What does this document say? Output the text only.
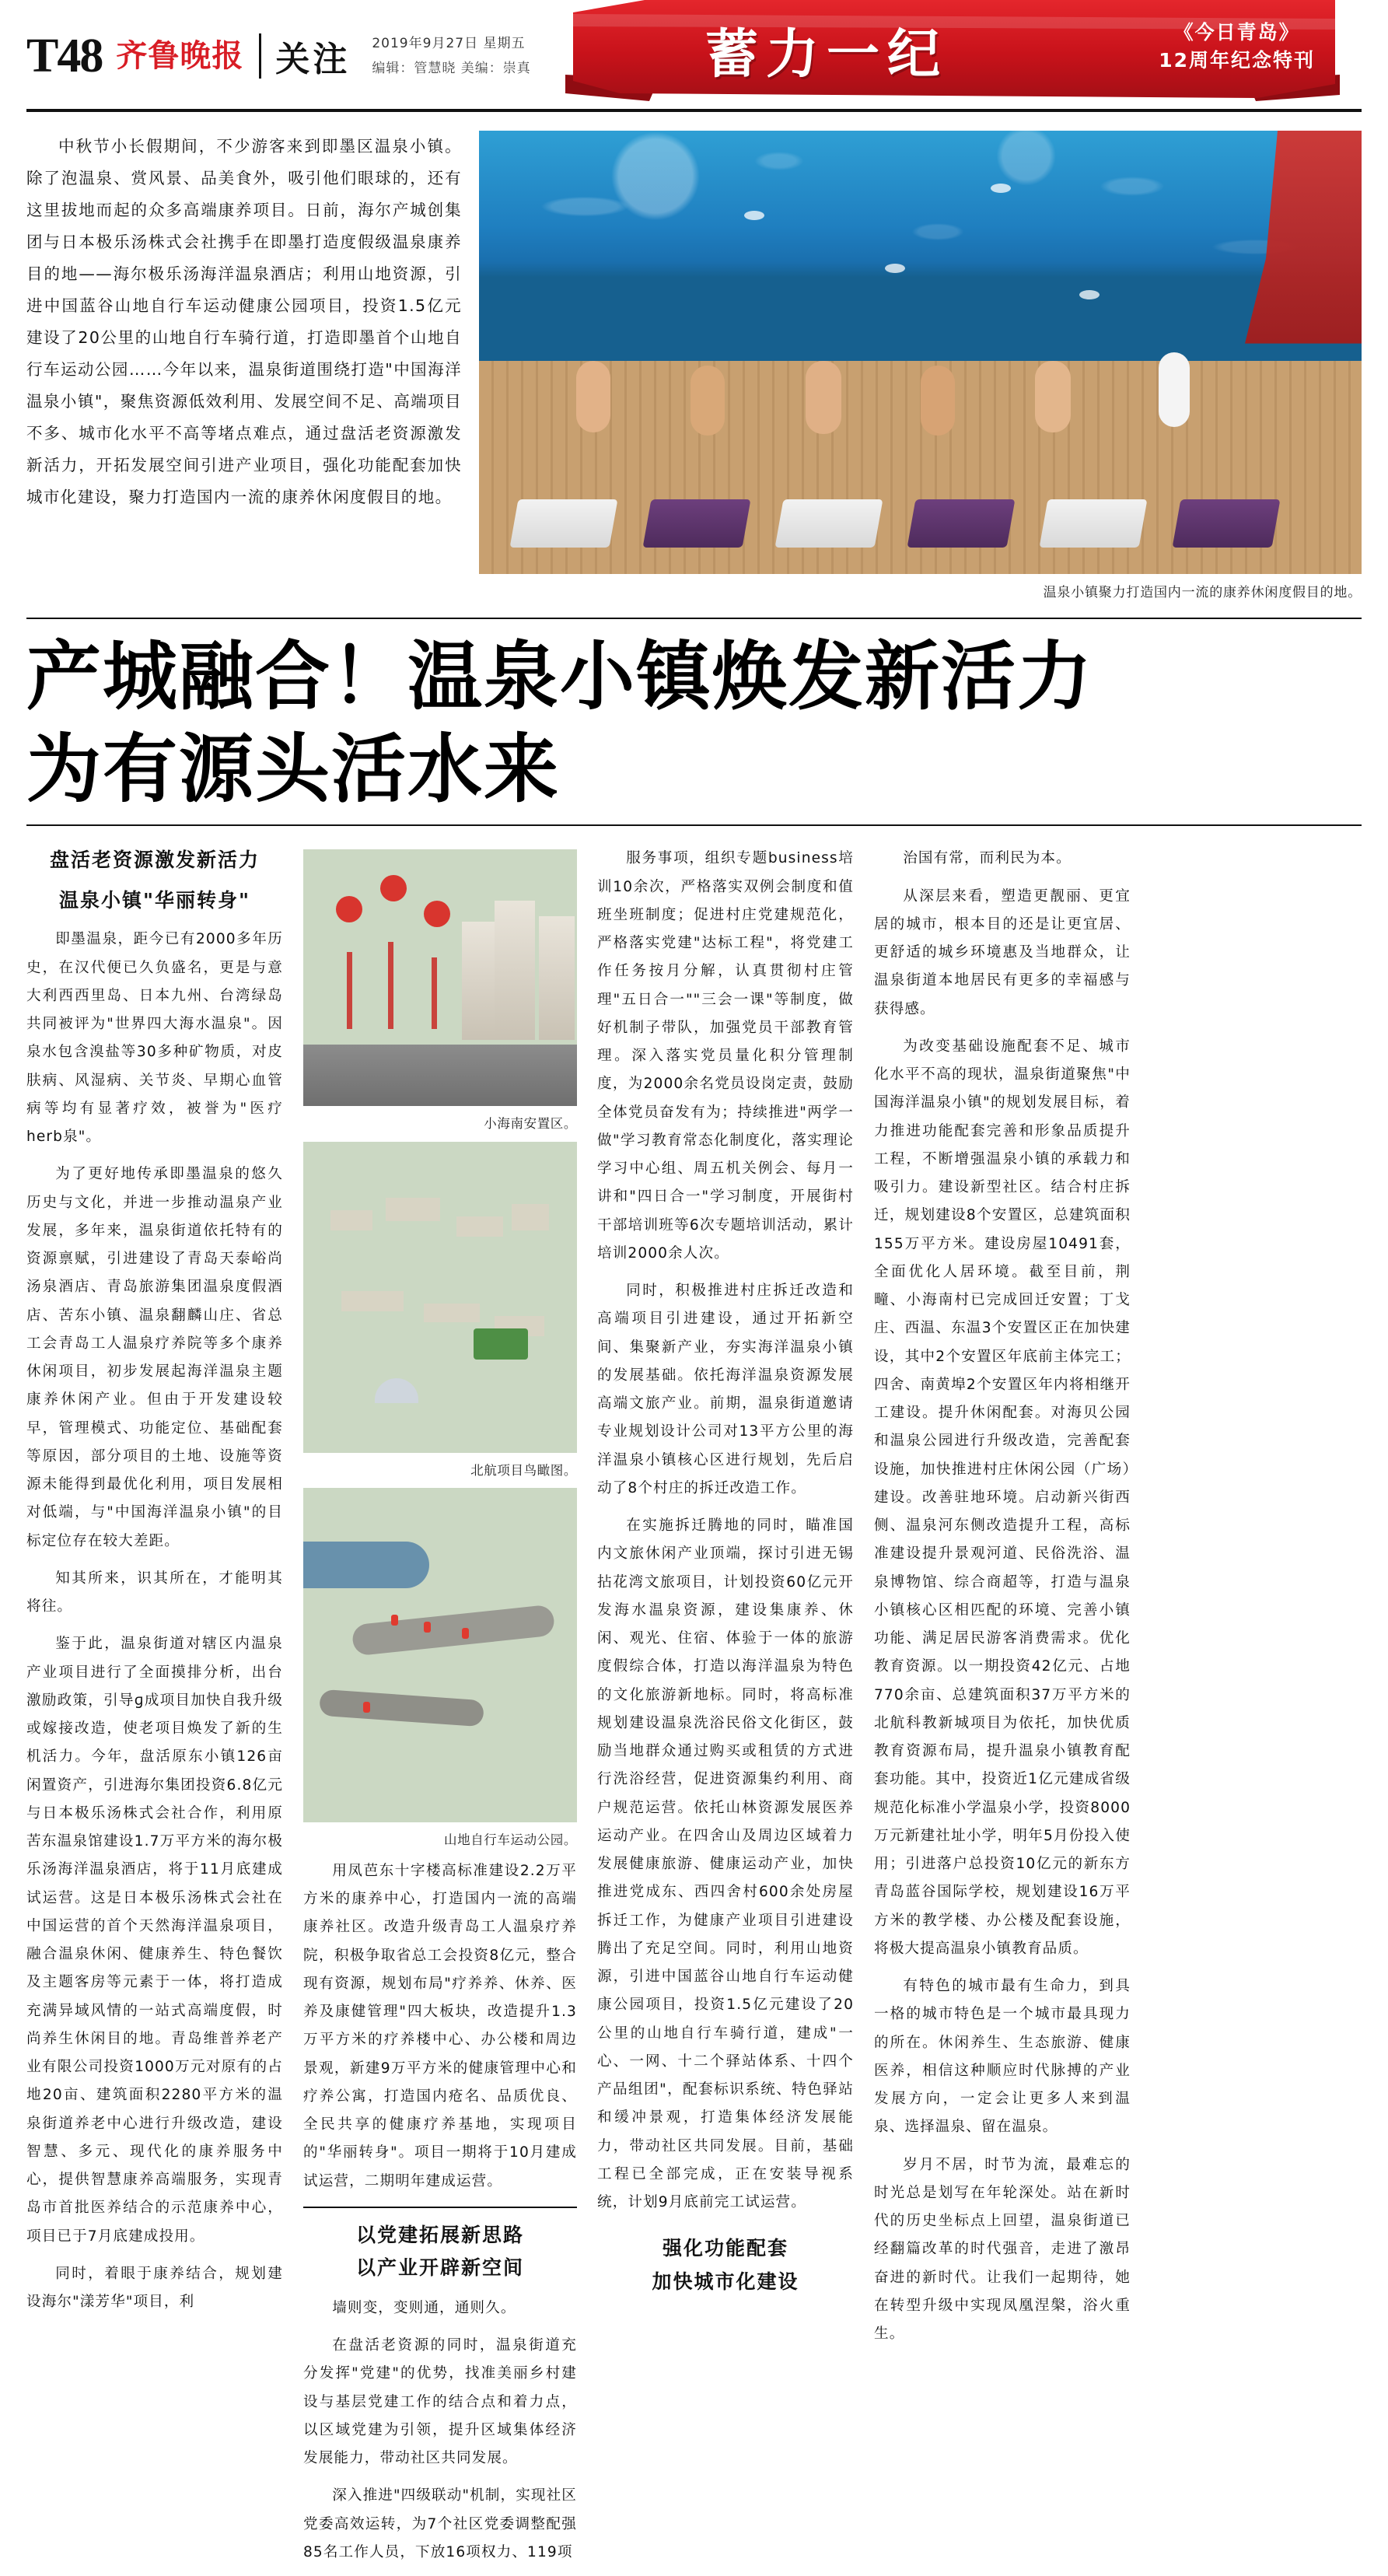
T48 齐鲁晚报 关注	2019年9月27日 星期五
编辑：管慧晓 美编：崇真	蓄力一纪	《今日青岛》
12周年纪念特刊
中秋节小长假期间，不少游客来到即墨区温泉小镇。除了泡温泉、赏风景、品美食外，吸引他们眼球的，还有这里拔地而起的众多高端康养项目。日前，海尔产城创集团与日本极乐汤株式会社携手在即墨打造度假级温泉康养目的地——海尔极乐汤海洋温泉酒店；利用山地资源，引进中国蓝谷山地自行车运动健康公园项目，投资1.5亿元建设了20公里的山地自行车骑行道，打造即墨首个山地自行车运动公园……今年以来，温泉街道围绕打造"中国海洋温泉小镇"，聚焦资源低效利用、发展空间不足、高端项目不多、城市化水平不高等堵点难点，通过盘活老资源激发新活力，开拓发展空间引进产业项目，强化功能配套加快城市化建设，聚力打造国内一流的康养休闲度假目的地。
温泉小镇聚力打造国内一流的康养休闲度假目的地。
产城融合！温泉小镇焕发新活力
为有源头活水来
盘活老资源激发新活力
温泉小镇"华丽转身"

即墨温泉，距今已有2000多年历史，在汉代便已久负盛名，更是与意大利西西里岛、日本九州、台湾绿岛共同被评为"世界四大海水温泉"。因泉水包含溴盐等30多种矿物质，对皮肤病、风湿病、关节炎、早期心血管病等均有显著疗效，被誉为"医疗herb泉"。

为了更好地传承即墨温泉的悠久历史与文化，并进一步推动温泉产业发展，多年来，温泉街道依托特有的资源禀赋，引进建设了青岛天泰峪尚汤泉酒店、青岛旅游集团温泉度假酒店、苦东小镇、温泉翻麟山庄、省总工会青岛工人温泉疗养院等多个康养休闲项目，初步发展起海洋温泉主题康养休闲产业。但由于开发建设较早，管理模式、功能定位、基础配套等原因，部分项目的土地、设施等资源未能得到最优化利用，项目发展相对低端，与"中国海洋温泉小镇"的目标定位存在较大差距。

知其所来，识其所在，才能明其将往。

鉴于此，温泉街道对辖区内温泉产业项目进行了全面摸排分析，出台激励政策，引导ɡ成项目加快自我升级或嫁接改造，使老项目焕发了新的生机活力。今年，盘活原东小镇126亩闲置资产，引进海尔集团投资6.8亿元与日本极乐汤株式会社合作，利用原苦东温泉馆建设1.7万平方米的海尔极乐汤海洋温泉酒店，将于11月底建成试运营。这是日本极乐汤株式会社在中国运营的首个天然海洋温泉项目，融合温泉休闲、健康养生、特色餐饮及主题客房等元素于一体，将打造成充满异域风情的一站式高端度假，时尚养生休闲目的地。青岛维普养老产业有限公司投资1000万元对原有的占地20亩、建筑面积2280平方米的温泉街道养老中心进行升级改造，建设智慧、多元、现代化的康养服务中心，提供智慧康养高端服务，实现青岛市首批医养结合的示范康养中心，项目已于7月底建成投用。

同时，着眼于康养结合，规划建设海尔"漾芳华"项目，利

小海南安置区。
北航项目鸟瞰图。
山地自行车运动公园。

用凤芭东十字楼高标准建设2.2万平方米的康养中心，打造国内一流的高端康养社区。改造升级青岛工人温泉疗养院，积极争取省总工会投资8亿元，整合现有资源，规划布局"疗养养、休养、医养及康健管理"四大板块，改造提升1.3万平方米的疗养楼中心、办公楼和周边景观，新建9万平方米的健康管理中心和疗养公寓，打造国内疮名、品质优良、全民共享的健康疗养基地，实现项目的"华丽转身"。项目一期将于10月建成试运营，二期明年建成运营。

以党建拓展新思路
以产业开辟新空间

墙则变，变则通，通则久。

在盘活老资源的同时，温泉街道充分发挥"党建"的优势，找准美丽乡村建设与基层党建工作的结合点和着力点，以区域党建为引领，提升区域集体经济发展能力，带动社区共同发展。

深入推进"四级联动"机制，实现社区党委高效运转，为7个社区党委调整配强85名工作人员，下放16项权力、119项

服务事项，组织专题business培训10余次，严格落实双例会制度和值班坐班制度；促进村庄党建规范化，严格落实党建"达标工程"，将党建工作任务按月分解，认真贯彻村庄管理"五日合一""三会一课"等制度，做好机制子带队，加强党员干部教育管理。深入落实党员量化积分管理制度，为2000余名党员设岗定责，鼓励全体党员奋发有为；持续推进"两学一做"学习教育常态化制度化，落实理论学习中心组、周五机关例会、每月一讲和"四日合一"学习制度，开展街村干部培训班等6次专题培训活动，累计培训2000余人次。

同时，积极推进村庄拆迁改造和高端项目引进建设，通过开拓新空间、集聚新产业，夯实海洋温泉小镇的发展基础。依托海洋温泉资源发展高端文旅产业。前期，温泉街道邀请专业规划设计公司对13平方公里的海洋温泉小镇核心区进行规划，先后启动了8个村庄的拆迁改造工作。

在实施拆迁腾地的同时，瞄准国内文旅休闲产业顶端，探讨引进无锡拈花湾文旅项目，计划投资60亿元开发海水温泉资源，建设集康养、休闲、观光、住宿、体验于一体的旅游度假综合体，打造以海洋温泉为特色的文化旅游新地标。同时，将高标准规划建设温泉洗浴民俗文化街区，鼓励当地群众通过购买或租赁的方式进行洗浴经营，促进资源集约利用、商户规范运营。依托山林资源发展医养运动产业。在四舍山及周边区域着力发展健康旅游、健康运动产业，加快推进党成东、西四舍村600余处房屋拆迁工作，为健康产业项目引进建设腾出了充足空间。同时，利用山地资源，引进中国蓝谷山地自行车运动健康公园项目，投资1.5亿元建设了20公里的山地自行车骑行道，建成"一心、一网、十二个驿站体系、十四个产品组团"，配套标识系统、特色驿站和缓冲景观，打造集体经济发展能力，带动社区共同发展。目前，基础工程已全部完成，正在安装导视系统，计划9月底前完工试运营。

强化功能配套
加快城市化建设

治国有常，而利民为本。

从深层来看，塑造更靓丽、更宜居的城市，根本目的还是让更宜居、更舒适的城乡环境惠及当地群众，让温泉街道本地居民有更多的幸福感与获得感。

为改变基础设施配套不足、城市化水平不高的现状，温泉街道聚焦"中国海洋温泉小镇"的规划发展目标，着力推进功能配套完善和形象品质提升工程，不断增强温泉小镇的承载力和吸引力。建设新型社区。结合村庄拆迁，规划建设8个安置区，总建筑面积155万平方米。建设房屋10491套，全面优化人居环境。截至目前，荆疃、小海南村已完成回迁安置；丁戈庄、西温、东温3个安置区正在加快建设，其中2个安置区年底前主体完工；四舍、南黄埠2个安置区年内将相继开工建设。提升休闲配套。对海贝公园和温泉公园进行升级改造，完善配套设施，加快推进村庄休闲公园（广场）建设。改善驻地环境。启动新兴街西侧、温泉河东侧改造提升工程，高标准建设提升景观河道、民俗洗浴、温泉博物馆、综合商超等，打造与温泉小镇核心区相匹配的环境、完善小镇功能、满足居民游客消费需求。优化教育资源。以一期投资42亿元、占地770余亩、总建筑面积37万平方米的北航科教新城项目为依托，加快优质教育资源布局，提升温泉小镇教育配套功能。其中，投资近1亿元建成省级规范化标准小学温泉小学，投资8000万元新建社址小学，明年5月份投入使用；引进落户总投资10亿元的新东方青岛蓝谷国际学校，规划建设16万平方米的教学楼、办公楼及配套设施，将极大提高温泉小镇教育品质。

有特色的城市最有生命力，到具一格的城市特色是一个城市最具现力的所在。休闲养生、生态旅游、健康医养，相信这种顺应时代脉搏的产业发展方向，一定会让更多人来到温泉、选择温泉、留在温泉。

岁月不居，时节为流，最难忘的时光总是划写在年轮深处。站在新时代的历史坐标点上回望，温泉街道已经翻篇改革的时代强音，走进了激昂奋进的新时代。让我们一起期待，她在转型升级中实现凤凰涅槃，浴火重生。
